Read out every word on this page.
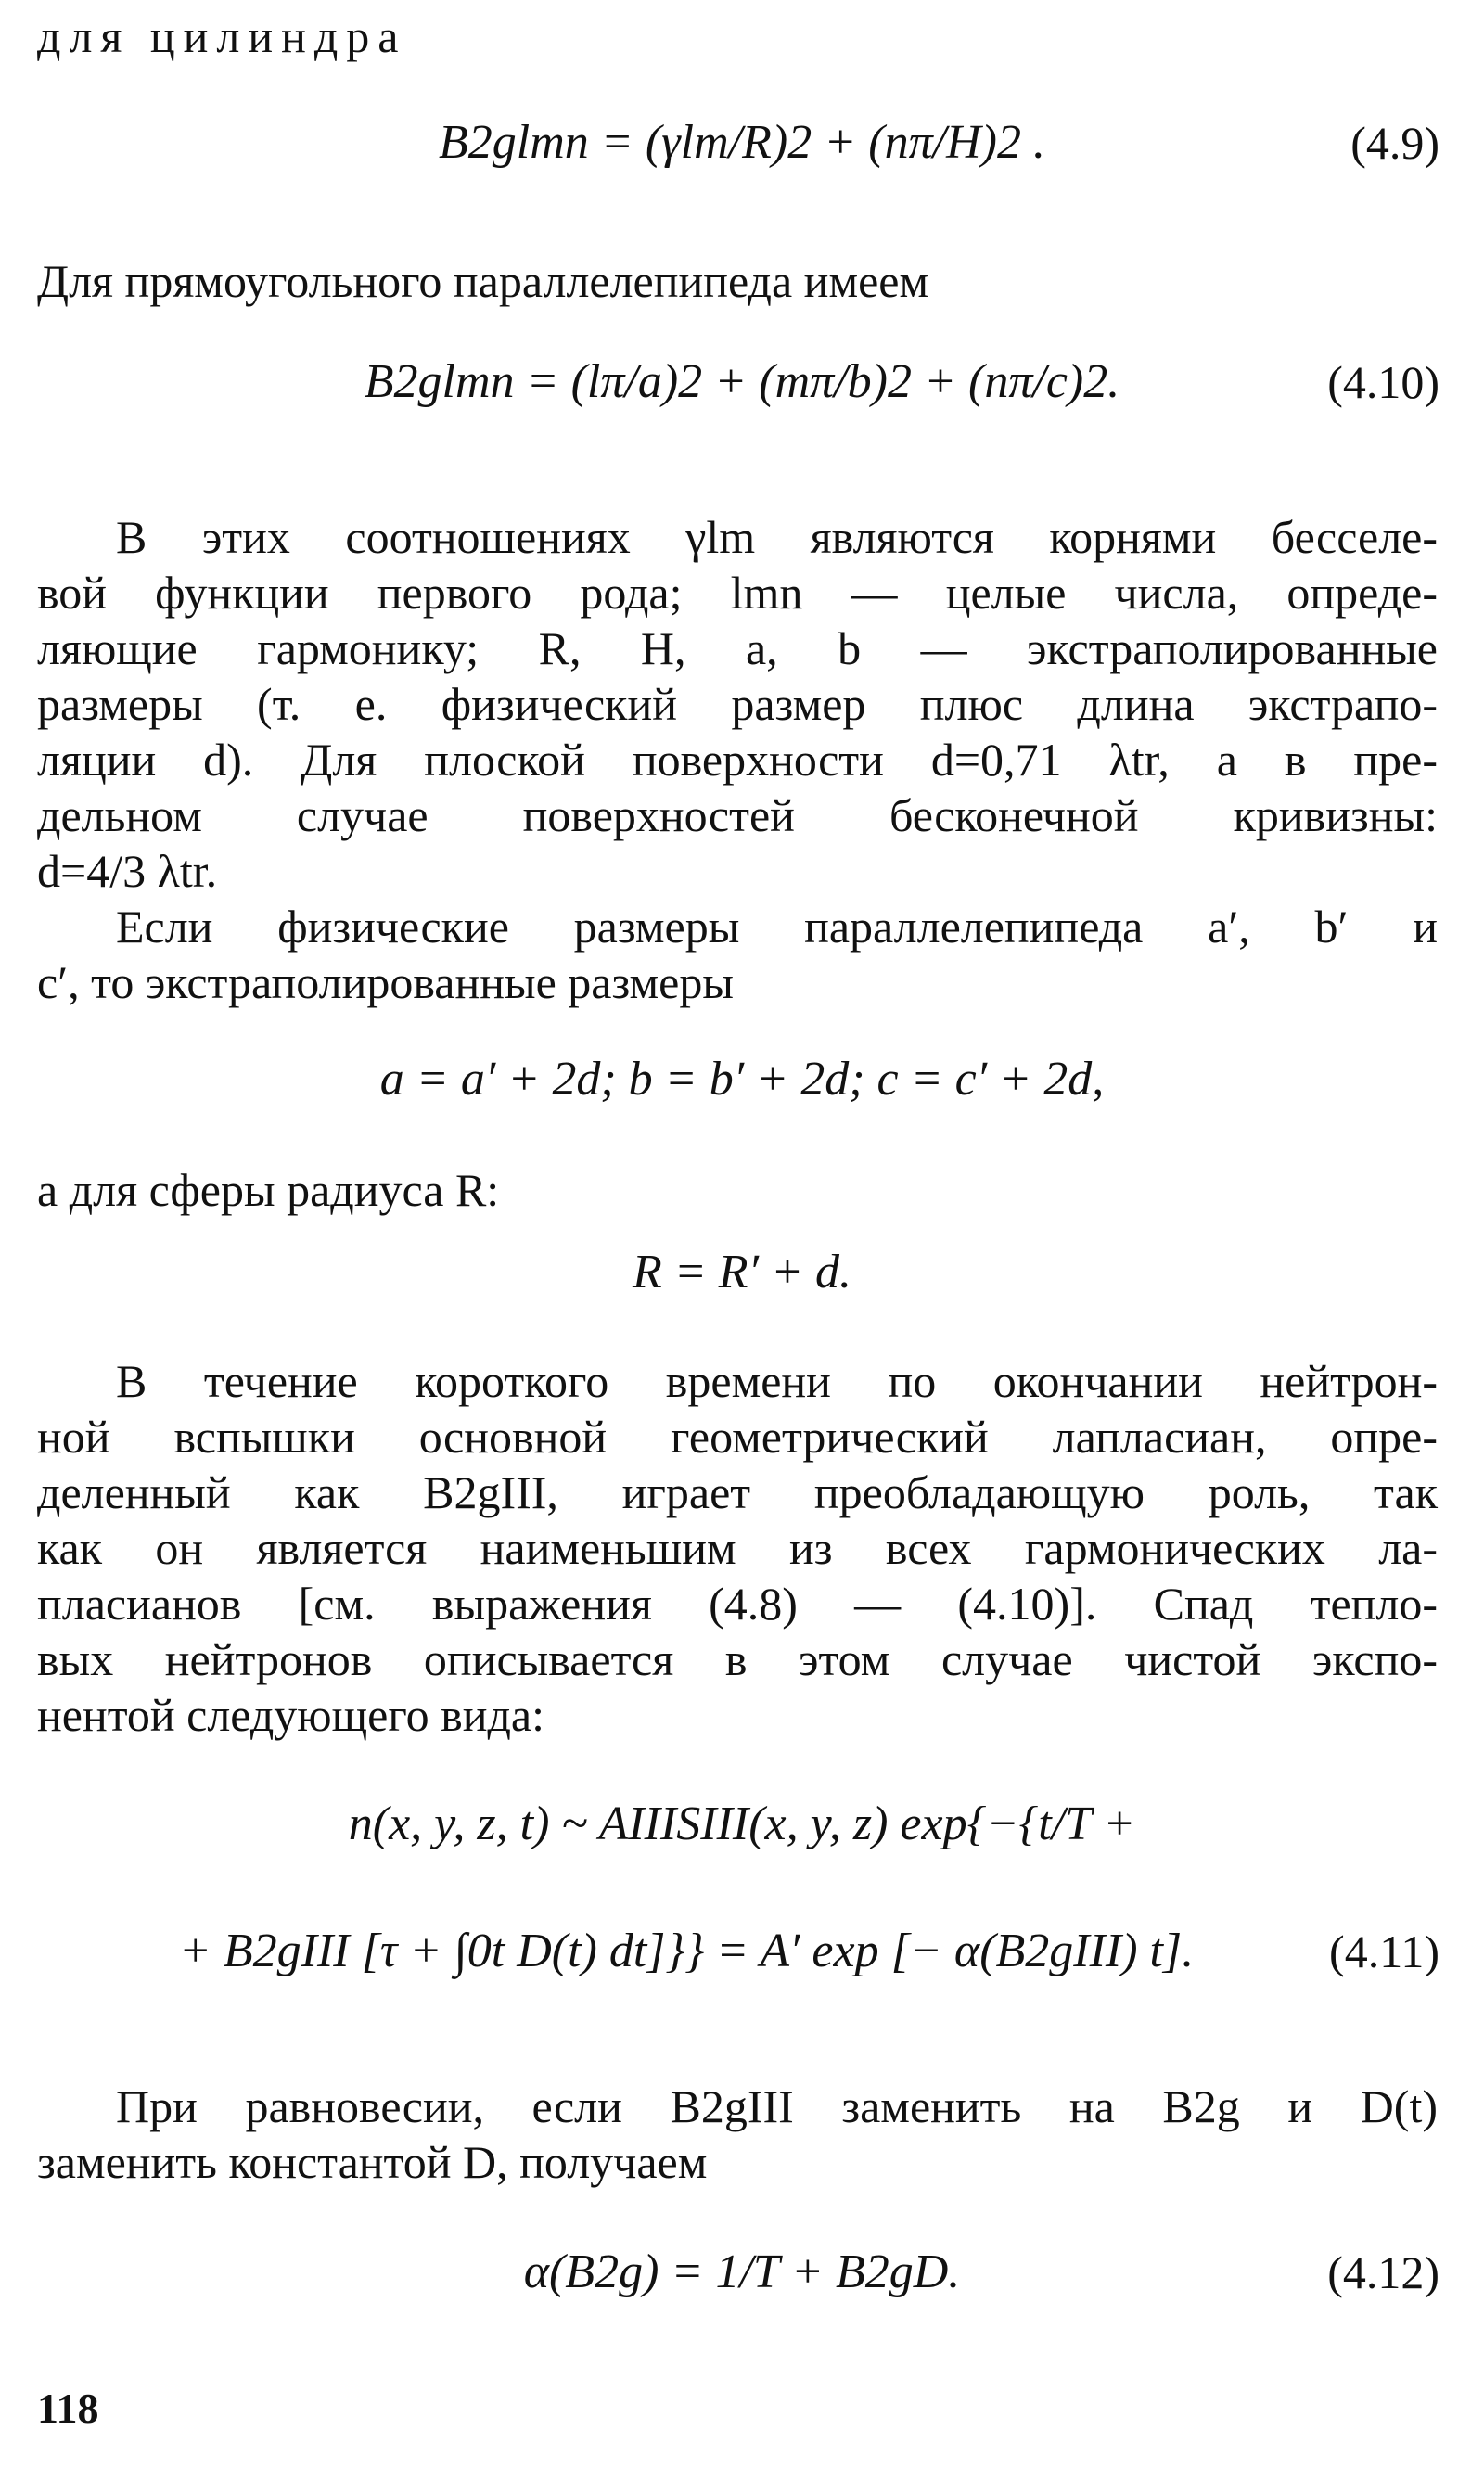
для цилиндра
B2glmn = (γlm/R)2 + (nπ/H)2 .	(4.9)
Для прямоугольного параллелепипеда имеем
B2glmn = (lπ/a)2 + (mπ/b)2 + (nπ/c)2.	(4.10)
В этих соотношениях γlm являются корнями бесселе-
вой функции первого рода; lmn — целые числа, опреде-
ляющие гармонику; R, H, a, b — экстраполированные
размеры (т. е. физический размер плюс длина экстрапо-
ляции d). Для плоской поверхности d=0,71 λtr, а в пре-
дельном случае поверхностей бесконечной кривизны:
d=4/3 λtr.
Если физические размеры параллелепипеда a′, b′ и
c′, то экстраполированные размеры
a = a′ + 2d; b = b′ + 2d; c = c′ + 2d,
а для сферы радиуса R:
R = R′ + d.
В течение короткого времени по окончании нейтрон-
ной вспышки основной геометрический лапласиан, опре-
деленный как B2gIII, играет преобладающую роль, так
как он является наименьшим из всех гармонических ла-
пласианов [см. выражения (4.8) — (4.10)]. Спад тепло-
вых нейтронов описывается в этом случае чистой экспо-
нентой следующего вида:
n(x, y, z, t) ~ AIIISIII(x, y, z) exp{−{t/T +
+ B2gIII [τ + ∫0t D(t) dt]}} = A′ exp [− α(B2gIII) t].	(4.11)
При равновесии, если B2gIII заменить на B2g и D(t)
заменить константой D, получаем
α(B2g) = 1/T + B2gD.	(4.12)
118
